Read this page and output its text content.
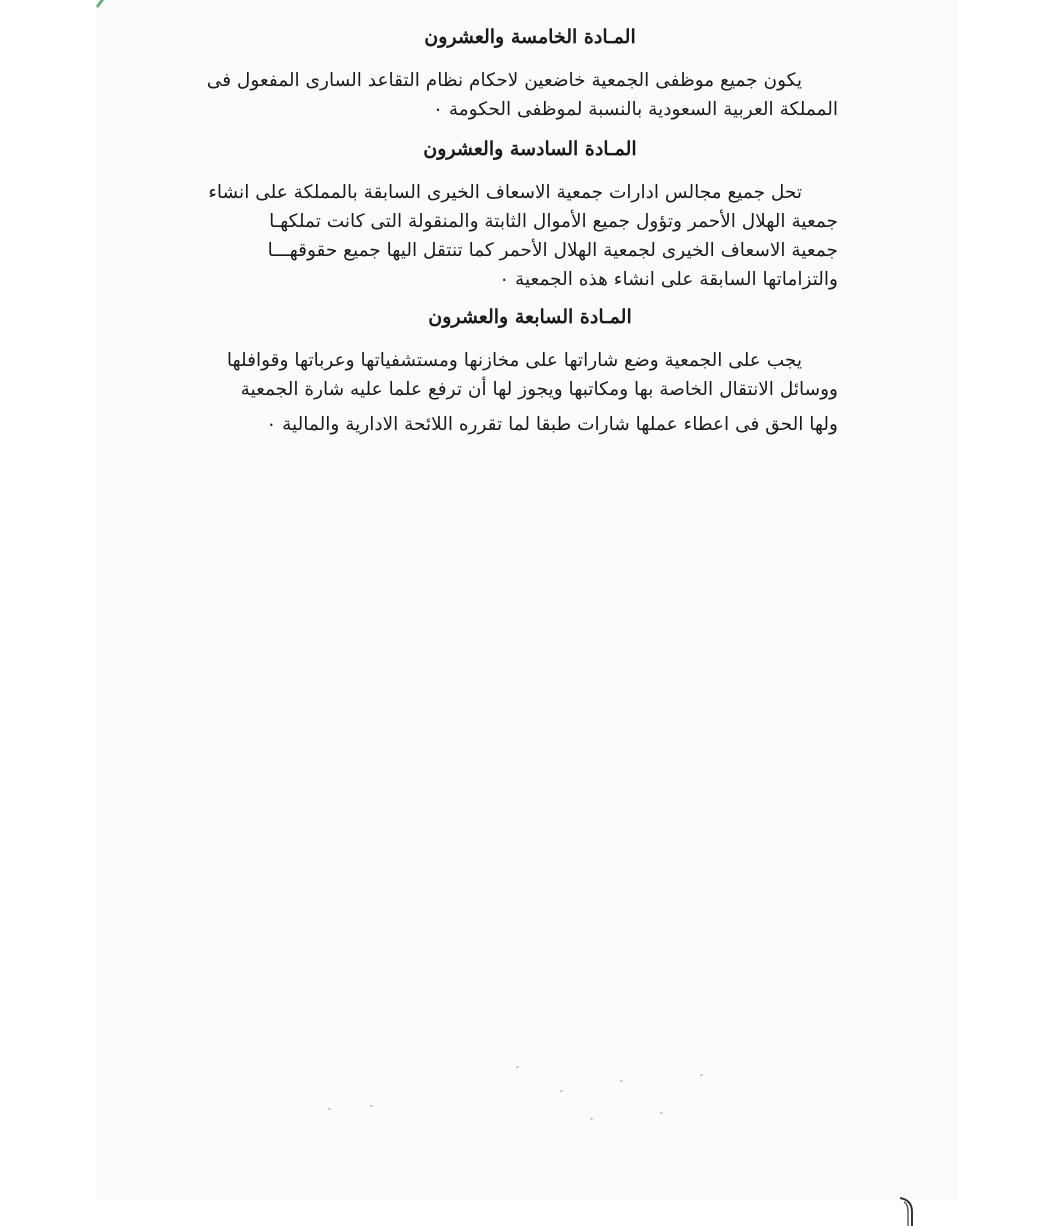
المـادة الخامسة والعشرون

يكون جميع موظفى الجمعية خاضعين لاحكام نظام التقاعد السارى المفعول فى
المملكة العربية السعودية بالنسبة لموظفى الحكومة ٠

المـادة السادسة والعشرون

تحل جميع مجالس ادارات جمعية الاسعاف الخيرى السابقة بالمملكة على انشاء
جمعية الهلال الأحمر وتؤول جميع الأموال الثابتة والمنقولة التى كانت تملكهـا
جمعية الاسعاف الخيرى لجمعية الهلال الأحمر كما تنتقل اليها جميع حقوقهـــا
والتزاماتها السابقة على انشاء هذه الجمعية ٠

المـادة السابعة والعشرون

يجب على الجمعية وضع شاراتها على مخازنها ومستشفياتها وعرباتها وقوافلها
ووسائل الانتقال الخاصة بها ومكاتبها ويجوز لها أن ترفع علما عليه شارة الجمعية
ولها الحق فى اعطاء عملها شارات طبقا لما تقرره اللائحة الادارية والمالية ٠
